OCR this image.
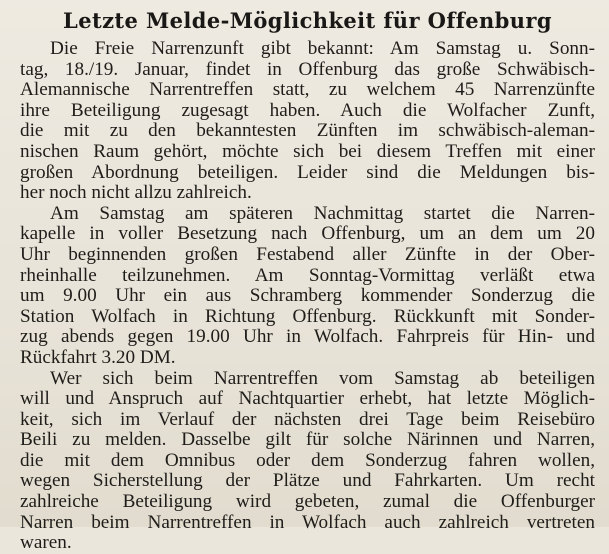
Letzte Melde-Möglichkeit für Offenburg
Die Freie Narrenzunft gibt bekannt: Am Samstag u. Sonn-
tag, 18./19. Januar, findet in Offenburg das große Schwäbisch-
Alemannische Narrentreffen statt, zu welchem 45 Narrenzünfte
ihre Beteiligung zugesagt haben. Auch die Wolfacher Zunft,
die mit zu den bekanntesten Zünften im schwäbisch-aleman-
nischen Raum gehört, möchte sich bei diesem Treffen mit einer
großen Abordnung beteiligen. Leider sind die Meldungen bis-
her noch nicht allzu zahlreich.
Am Samstag am späteren Nachmittag startet die Narren-
kapelle in voller Besetzung nach Offenburg, um an dem um 20
Uhr beginnenden großen Festabend aller Zünfte in der Ober-
rheinhalle teilzunehmen. Am Sonntag-Vormittag verläßt etwa
um 9.00 Uhr ein aus Schramberg kommender Sonderzug die
Station Wolfach in Richtung Offenburg. Rückkunft mit Sonder-
zug abends gegen 19.00 Uhr in Wolfach. Fahrpreis für Hin- und
Rückfahrt 3.20 DM.
Wer sich beim Narrentreffen vom Samstag ab beteiligen
will und Anspruch auf Nachtquartier erhebt, hat letzte Möglich-
keit, sich im Verlauf der nächsten drei Tage beim Reisebüro
Beili zu melden. Dasselbe gilt für solche Närinnen und Narren,
die mit dem Omnibus oder dem Sonderzug fahren wollen,
wegen Sicherstellung der Plätze und Fahrkarten. Um recht
zahlreiche Beteiligung wird gebeten, zumal die Offenburger
Narren beim Narrentreffen in Wolfach auch zahlreich vertreten
waren.
